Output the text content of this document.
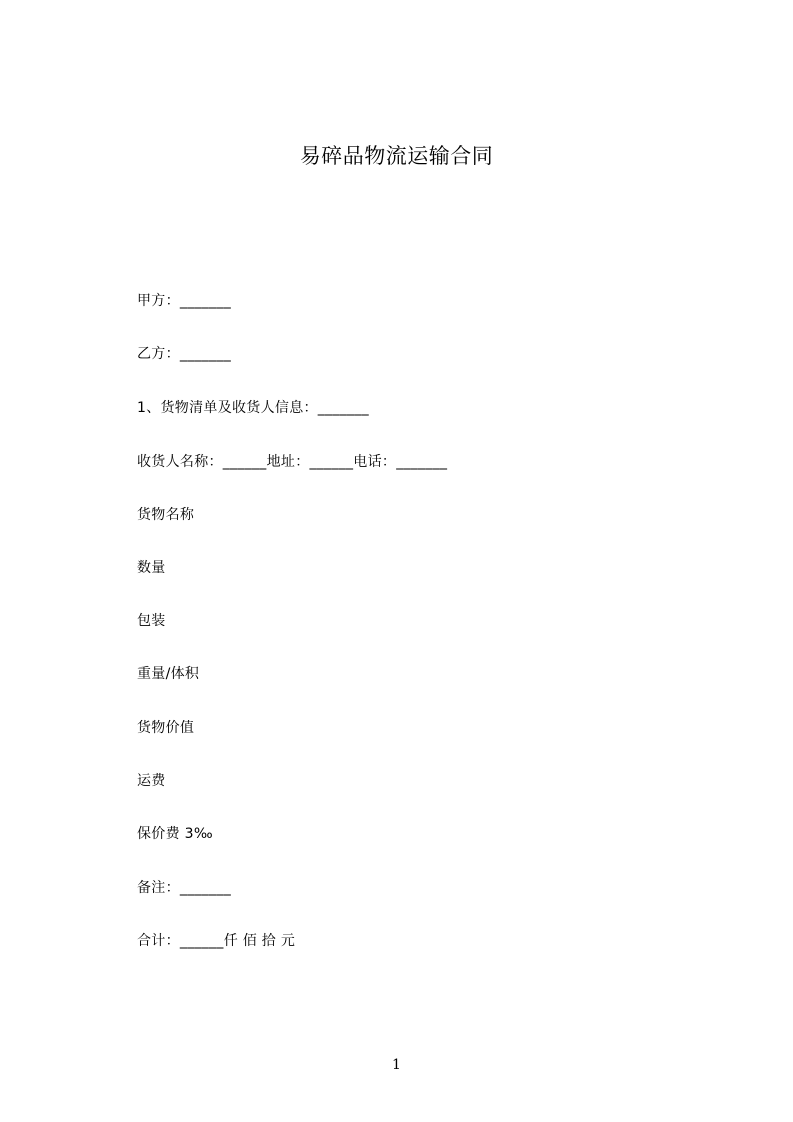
易碎品物流运输合同
甲方：_______
乙方：_______
1、货物清单及收货人信息：_______
收货人名称：______地址：______电话：_______
货物名称
数量
包装
重量/体积
货物价值
运费
保价费 3‰
备注：_______
合计：______仟 佰 拾 元
1
